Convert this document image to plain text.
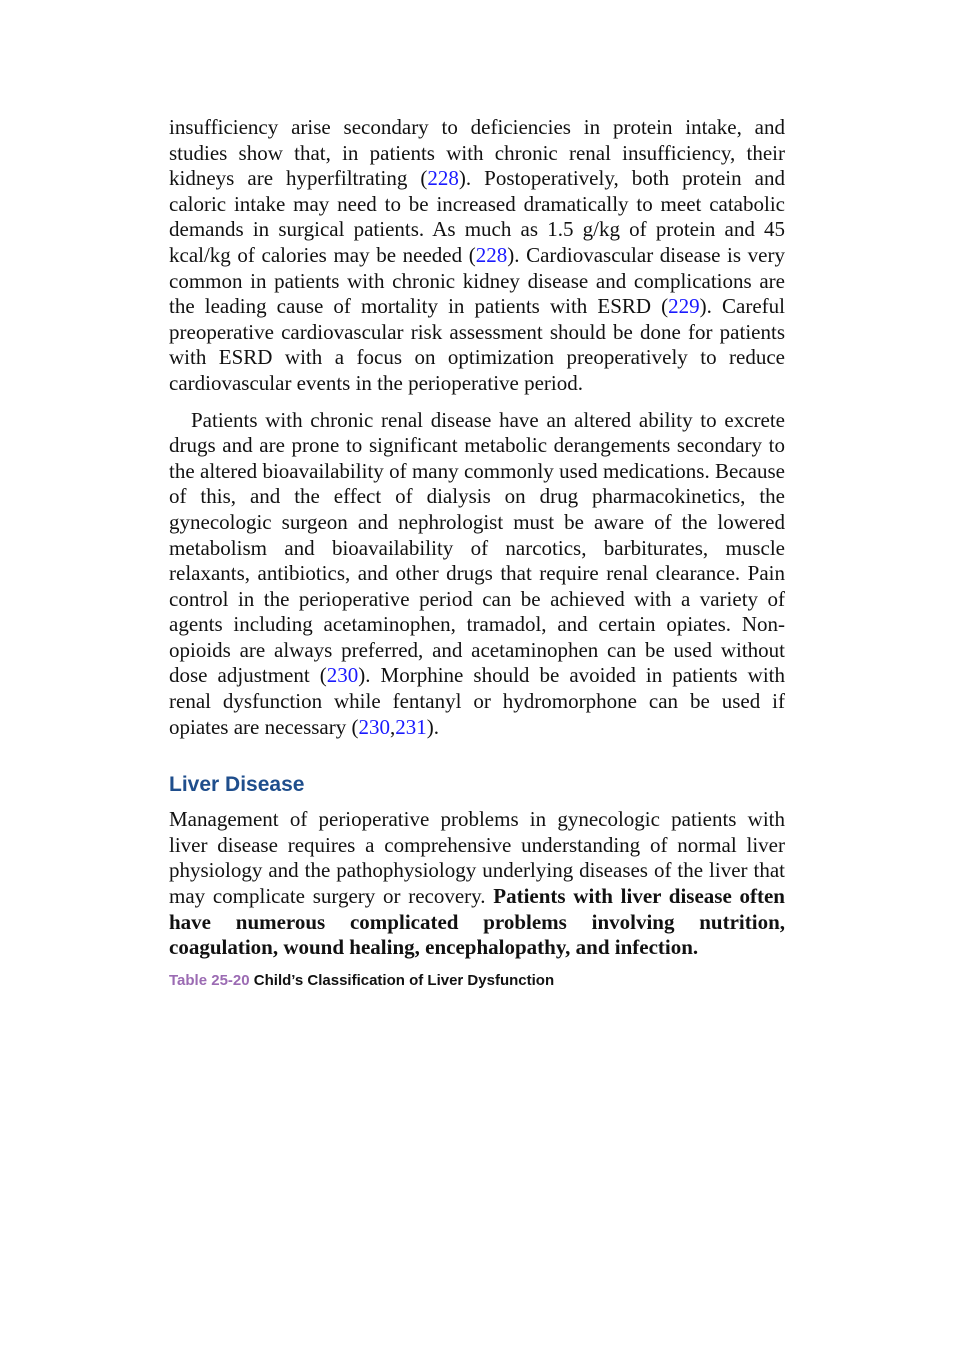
insufficiency arise secondary to deficiencies in protein intake, and studies show that, in patients with chronic renal insufficiency, their kidneys are hyperfiltrating (228). Postoperatively, both protein and caloric intake may need to be increased dramatically to meet catabolic demands in surgical patients. As much as 1.5 g/kg of protein and 45 kcal/kg of calories may be needed (228). Cardiovascular disease is very common in patients with chronic kidney disease and complications are the leading cause of mortality in patients with ESRD (229). Careful preoperative cardiovascular risk assessment should be done for patients with ESRD with a focus on optimization preoperatively to reduce cardiovascular events in the perioperative period.

Patients with chronic renal disease have an altered ability to excrete drugs and are prone to significant metabolic derangements secondary to the altered bioavailability of many commonly used medications. Because of this, and the effect of dialysis on drug pharmacokinetics, the gynecologic surgeon and nephrologist must be aware of the lowered metabolism and bioavailability of narcotics, barbiturates, muscle relaxants, antibiotics, and other drugs that require renal clearance. Pain control in the perioperative period can be achieved with a variety of agents including acetaminophen, tramadol, and certain opiates. Non-opioids are always preferred, and acetaminophen can be used without dose adjustment (230). Morphine should be avoided in patients with renal dysfunction while fentanyl or hydromorphone can be used if opiates are necessary (230,231).

Liver Disease

Management of perioperative problems in gynecologic patients with liver disease requires a comprehensive understanding of normal liver physiology and the pathophysiology underlying diseases of the liver that may complicate surgery or recovery. Patients with liver disease often have numerous complicated problems involving nutrition, coagulation, wound healing, encephalopathy, and infection.

Table 25-20 Child’s Classification of Liver Dysfunction
